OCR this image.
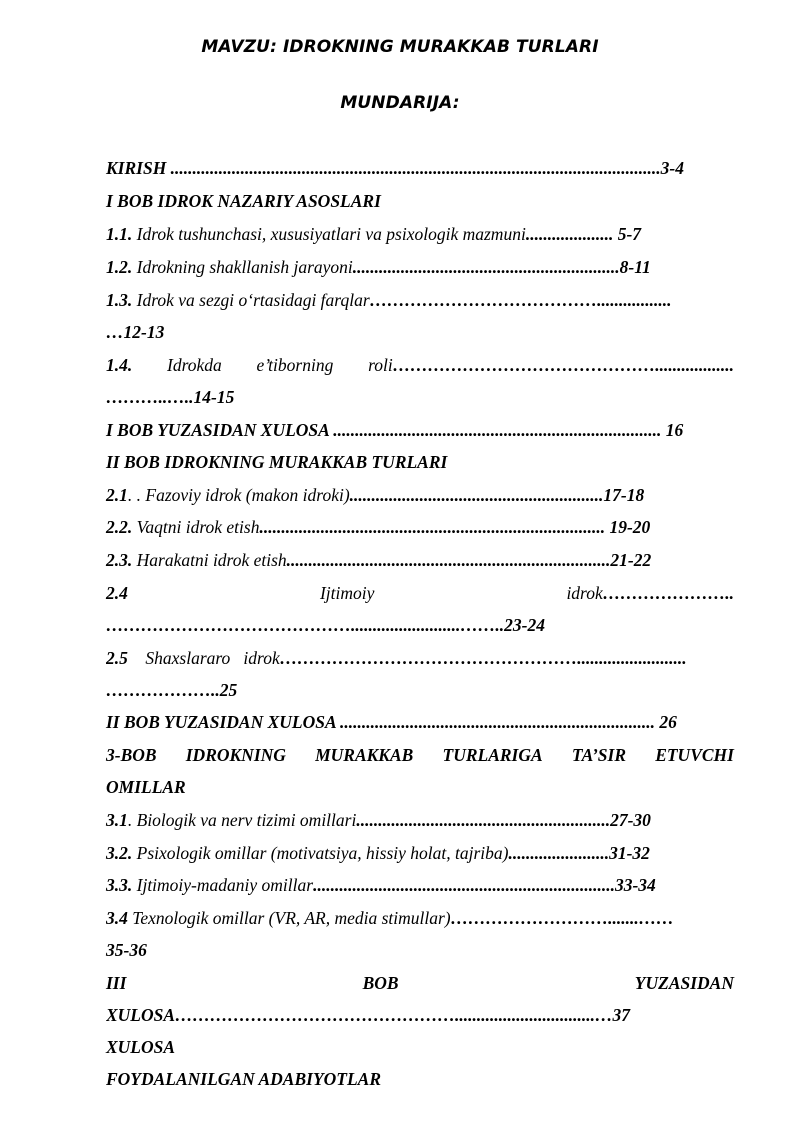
MAVZU: IDROKNING MURAKKAB TURLARI
MUNDARIJA:
KIRISH ................................................................................................................3-4
I BOB IDROK NAZARIY ASOSLARI
1.1. Idrok tushunchasi, xususiyatlari va psixologik mazmuni.................... 5-7
1.2. Idrokning shakllanish jarayoni.............................................................8-11
1.3. Idrok va sezgi o‘rtasidagi farqlar………………………………….................
…12-13
1.4. Idrokda e’tiborning roli………………………………………..................
………..…..14-15
I BOB YUZASIDAN XULOSA ........................................................................... 16
II BOB IDROKNING MURAKKAB TURLARI
2.1. . Fazoviy idrok (makon idroki)..........................................................17-18
2.2. Vaqtni idrok etish............................................................................... 19-20
2.3. Harakatni idrok etish..........................................................................21-22
2.4	Ijtimoiy	idrok…………………..
…………………………………….........................……..23-24
2.5 Shaxslararo idrok…………………………………………….........................
………………..25
II BOB YUZASIDAN XULOSA ........................................................................ 26
3-BOB IDROKNING MURAKKAB TURLARIGA TA’SIR ETUVCHI
OMILLAR
3.1. Biologik va nerv tizimi omillari..........................................................27-30
3.2. Psixologik omillar (motivatsiya, hissiy holat, tajriba).......................31-32
3.3. Ijtimoiy-madaniy omillar.....................................................................33-34
3.4 Texnologik omillar (VR, AR, media stimullar)……………………….......……
35-36
III	BOB	YUZASIDAN
XULOSA…………………………………………................................…37
XULOSA
FOYDALANILGAN ADABIYOTLAR
